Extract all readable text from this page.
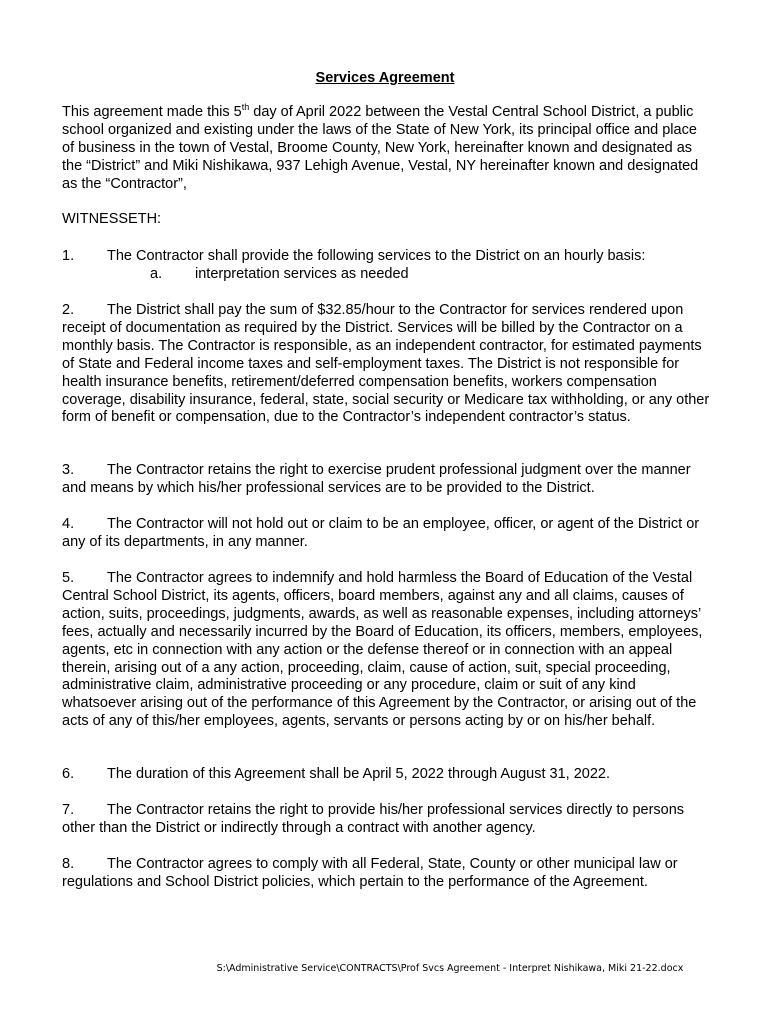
Services Agreement

This agreement made this 5th day of April 2022 between the Vestal Central School District, a public school organized and existing under the laws of the State of New York, its principal office and place of business in the town of Vestal, Broome County, New York, hereinafter known and designated as the “District” and Miki Nishikawa, 937 Lehigh Avenue, Vestal, NY hereinafter known and designated as the “Contractor”,

WITNESSETH:

1. The Contractor shall provide the following services to the District on an hourly basis:
a. interpretation services as needed

2. The District shall pay the sum of $32.85/hour to the Contractor for services rendered upon receipt of documentation as required by the District. Services will be billed by the Contractor on a monthly basis. The Contractor is responsible, as an independent contractor, for estimated payments of State and Federal income taxes and self-employment taxes. The District is not responsible for health insurance benefits, retirement/deferred compensation benefits, workers compensation coverage, disability insurance, federal, state, social security or Medicare tax withholding, or any other form of benefit or compensation, due to the Contractor’s independent contractor’s status.

3. The Contractor retains the right to exercise prudent professional judgment over the manner and means by which his/her professional services are to be provided to the District.

4. The Contractor will not hold out or claim to be an employee, officer, or agent of the District or any of its departments, in any manner.

5. The Contractor agrees to indemnify and hold harmless the Board of Education of the Vestal Central School District, its agents, officers, board members, against any and all claims, causes of action, suits, proceedings, judgments, awards, as well as reasonable expenses, including attorneys’ fees, actually and necessarily incurred by the Board of Education, its officers, members, employees, agents, etc in connection with any action or the defense thereof or in connection with an appeal therein, arising out of a any action, proceeding, claim, cause of action, suit, special proceeding, administrative claim, administrative proceeding or any procedure, claim or suit of any kind whatsoever arising out of the performance of this Agreement by the Contractor, or arising out of the acts of any of this/her employees, agents, servants or persons acting by or on his/her behalf.

6. The duration of this Agreement shall be April 5, 2022 through August 31, 2022.

7. The Contractor retains the right to provide his/her professional services directly to persons other than the District or indirectly through a contract with another agency.

8. The Contractor agrees to comply with all Federal, State, County or other municipal law or regulations and School District policies, which pertain to the performance of the Agreement.

S:\Administrative Service\CONTRACTS\Prof Svcs Agreement - Interpret Nishikawa, Miki 21-22.docx
